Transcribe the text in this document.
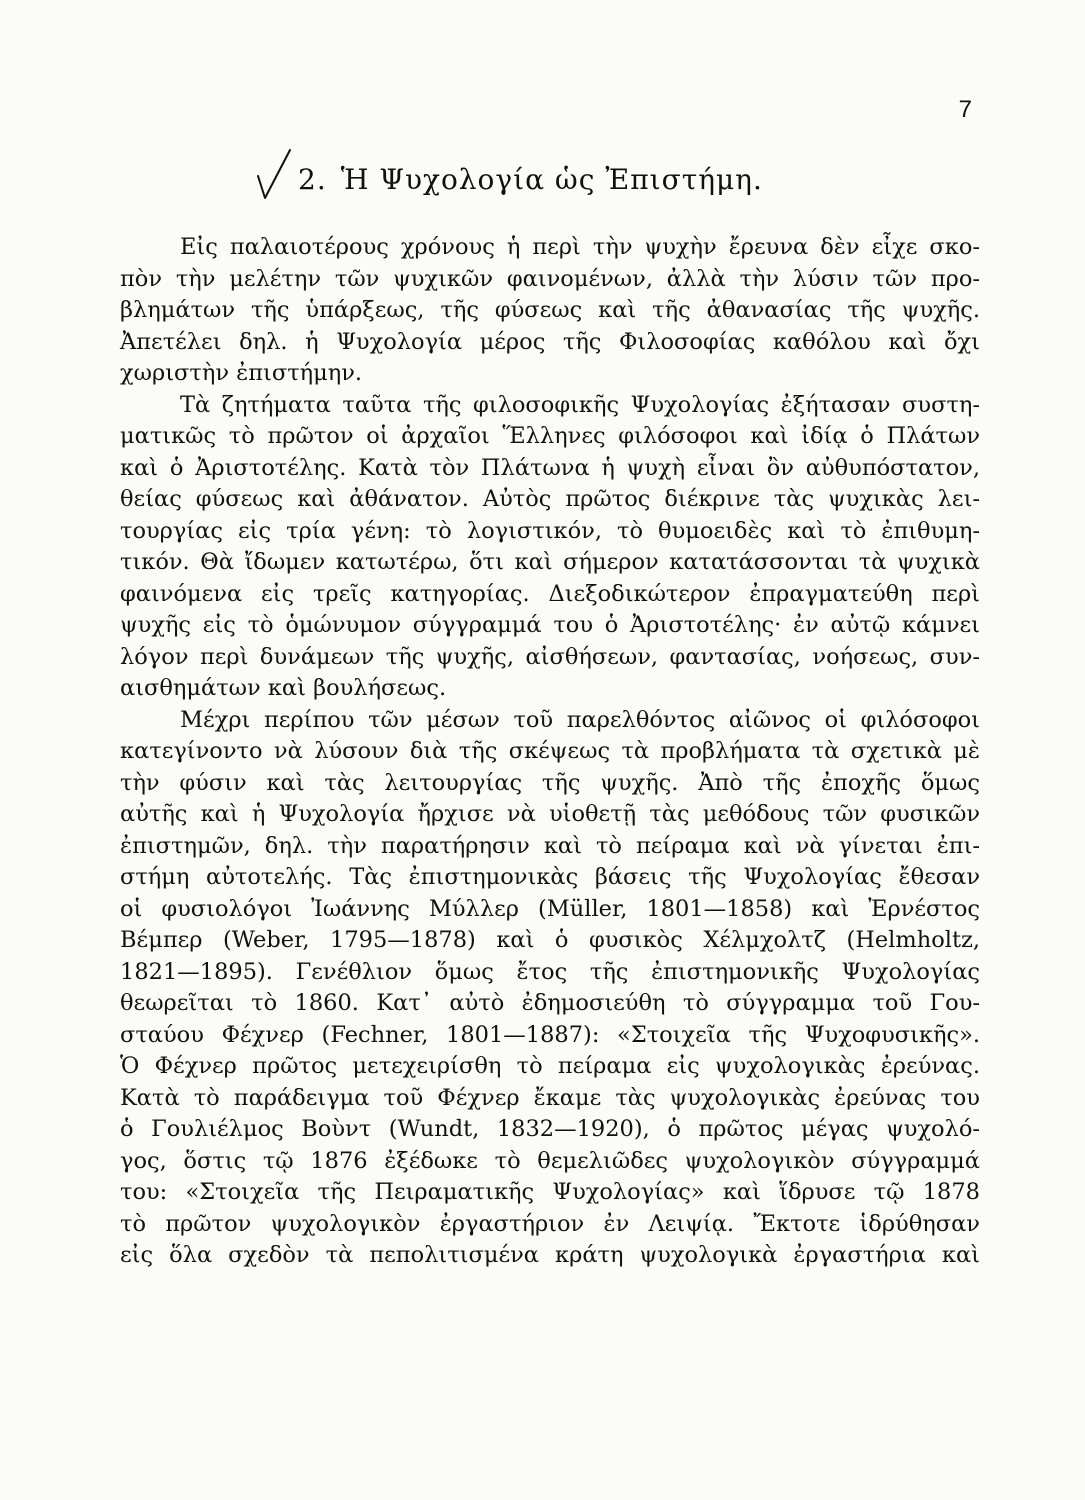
7
2. Ἡ Ψυχολογία ὡς Ἐπιστήμη.
Εἰς παλαιοτέρους χρόνους ἡ περὶ τὴν ψυχὴν ἔρευνα δὲν εἶχε σκο-
πὸν τὴν μελέτην τῶν ψυχικῶν φαινομένων, ἀλλὰ τὴν λύσιν τῶν προ-
βλημάτων τῆς ὑπάρξεως, τῆς φύσεως καὶ τῆς ἀθανασίας τῆς ψυχῆς.
Ἀπετέλει δηλ. ἡ Ψυχολογία μέρος τῆς Φιλοσοφίας καθόλου καὶ ὄχι
χωριστὴν ἐπιστήμην.
Τὰ ζητήματα ταῦτα τῆς φιλοσοφικῆς Ψυχολογίας ἐξήτασαν συστη-
ματικῶς τὸ πρῶτον οἱ ἀρχαῖοι Ἕλληνες φιλόσοφοι καὶ ἰδίᾳ ὁ Πλάτων
καὶ ὁ Ἀριστοτέλης. Κατὰ τὸν Πλάτωνα ἡ ψυχὴ εἶναι ὂν αὐθυπόστατον,
θείας φύσεως καὶ ἀθάνατον. Αὐτὸς πρῶτος διέκρινε τὰς ψυχικὰς λει-
τουργίας εἰς τρία γένη: τὸ λογιστικόν, τὸ θυμοειδὲς καὶ τὸ ἐπιθυμη-
τικόν. Θὰ ἴδωμεν κατωτέρω, ὅτι καὶ σήμερον κατατάσσονται τὰ ψυχικὰ
φαινόμενα εἰς τρεῖς κατηγορίας. Διεξοδικώτερον ἐπραγματεύθη περὶ
ψυχῆς εἰς τὸ ὁμώνυμον σύγγραμμά του ὁ Ἀριστοτέλης· ἐν αὐτῷ κάμνει
λόγον περὶ δυνάμεων τῆς ψυχῆς, αἰσθήσεων, φαντασίας, νοήσεως, συν-
αισθημάτων καὶ βουλήσεως.
Μέχρι περίπου τῶν μέσων τοῦ παρελθόντος αἰῶνος οἱ φιλόσοφοι
κατεγίνοντο νὰ λύσουν διὰ τῆς σκέψεως τὰ προβλήματα τὰ σχετικὰ μὲ
τὴν φύσιν καὶ τὰς λειτουργίας τῆς ψυχῆς. Ἀπὸ τῆς ἐποχῆς ὅμως
αὐτῆς καὶ ἡ Ψυχολογία ἤρχισε νὰ υἱοθετῇ τὰς μεθόδους τῶν φυσικῶν
ἐπιστημῶν, δηλ. τὴν παρατήρησιν καὶ τὸ πείραμα καὶ νὰ γίνεται ἐπι-
στήμη αὐτοτελής. Τὰς ἐπιστημονικὰς βάσεις τῆς Ψυχολογίας ἔθεσαν
οἱ φυσιολόγοι Ἰωάννης Μύλλερ (Müller, 1801—1858) καὶ Ἐρνέστος
Βέμπερ (Weber, 1795—1878) καὶ ὁ φυσικὸς Χέλμχολτζ (Helmholtz,
1821—1895). Γενέθλιον ὅμως ἔτος τῆς ἐπιστημονικῆς Ψυχολογίας
θεωρεῖται τὸ 1860. Κατ᾽ αὐτὸ ἐδημοσιεύθη τὸ σύγγραμμα τοῦ Γου-
σταύου Φέχνερ (Fechner, 1801—1887): «Στοιχεῖα τῆς Ψυχοφυσικῆς».
Ὁ Φέχνερ πρῶτος μετεχειρίσθη τὸ πείραμα εἰς ψυχολογικὰς ἐρεύνας.
Κατὰ τὸ παράδειγμα τοῦ Φέχνερ ἔκαμε τὰς ψυχολογικὰς ἐρεύνας του
ὁ Γουλιέλμος Βοὺντ (Wundt, 1832—1920), ὁ πρῶτος μέγας ψυχολό-
γος, ὅστις τῷ 1876 ἐξέδωκε τὸ θεμελιῶδες ψυχολογικὸν σύγγραμμά
του: «Στοιχεῖα τῆς Πειραματικῆς Ψυχολογίας» καὶ ἵδρυσε τῷ 1878
τὸ πρῶτον ψυχολογικὸν ἐργαστήριον ἐν Λειψίᾳ. Ἔκτοτε ἱδρύθησαν
εἰς ὅλα σχεδὸν τὰ πεπολιτισμένα κράτη ψυχολογικὰ ἐργαστήρια καὶ
